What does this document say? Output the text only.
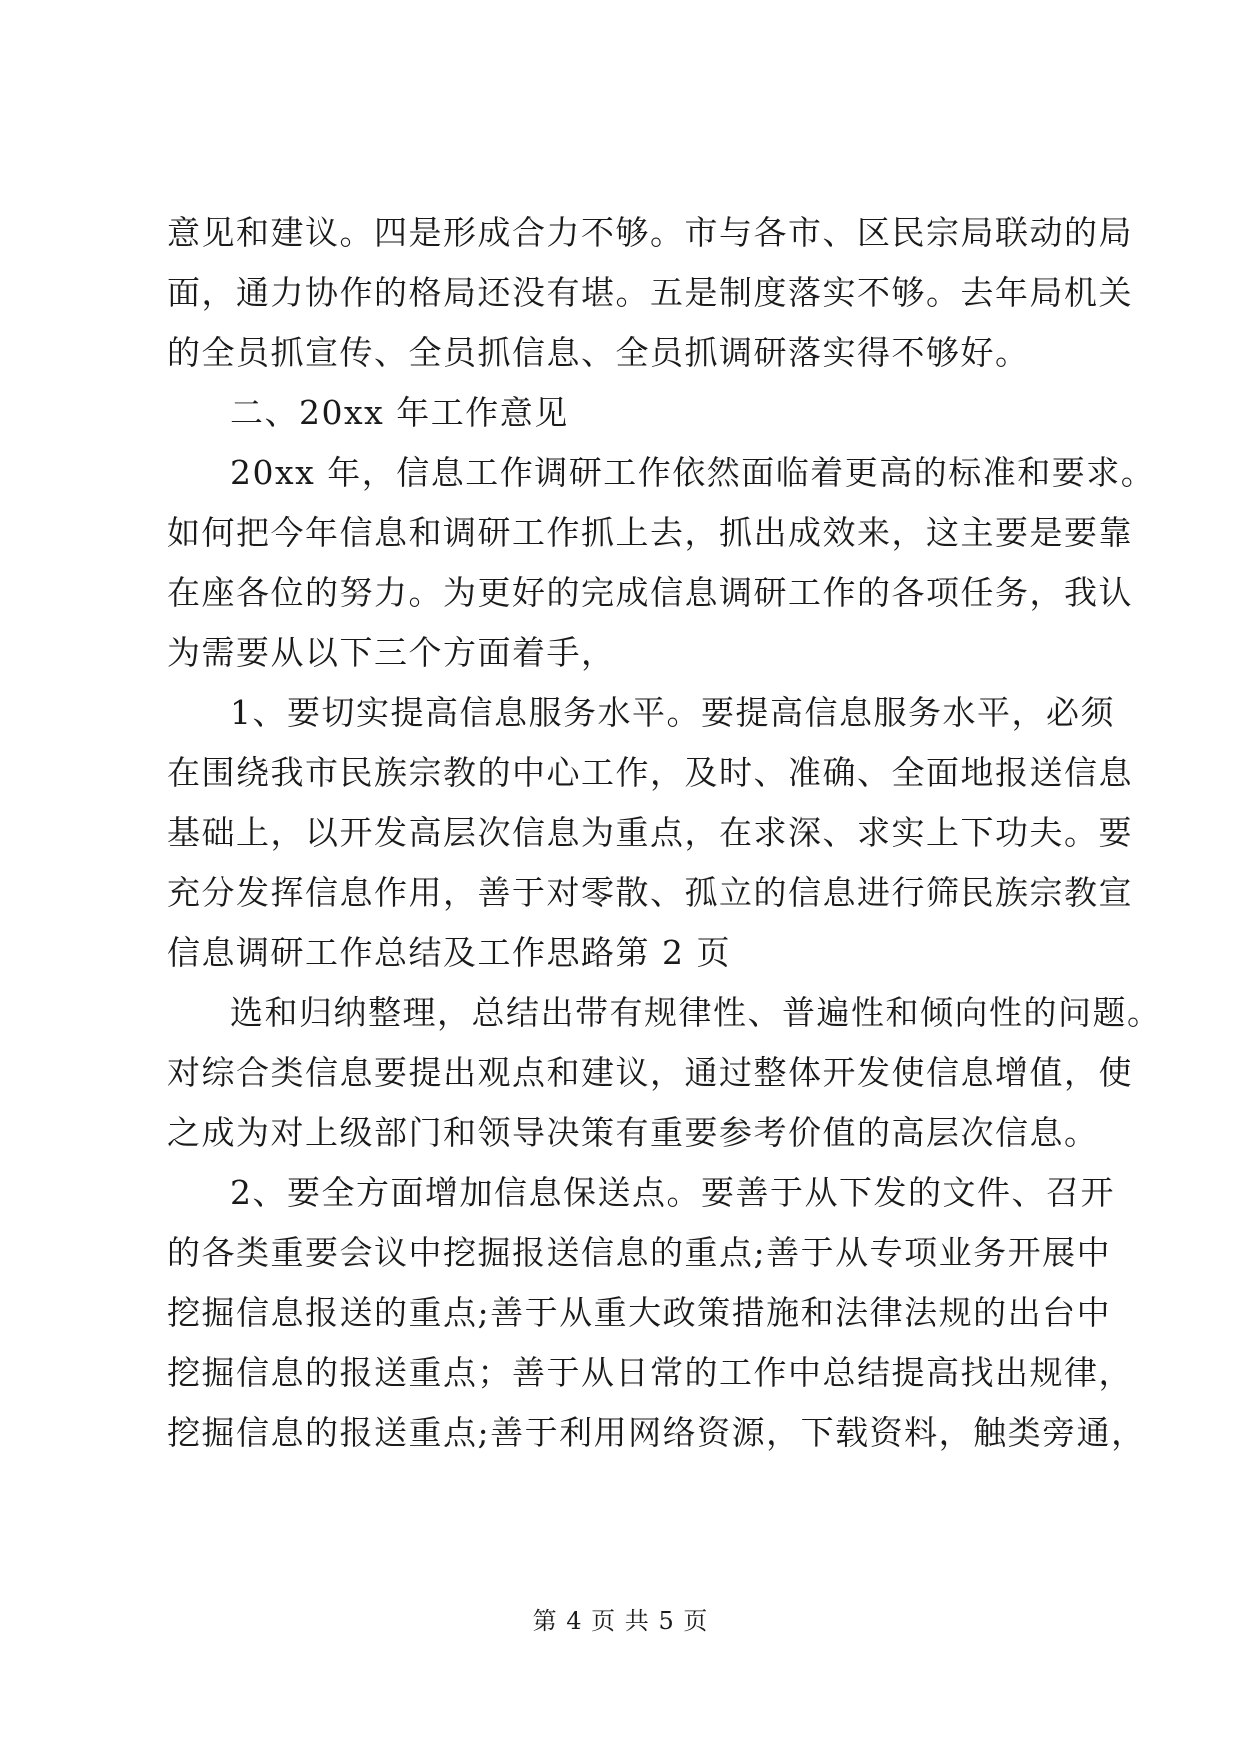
意见和建议。四是形成合力不够。市与各市、区民宗局联动的局
面，通力协作的格局还没有堪。五是制度落实不够。去年局机关
的全员抓宣传、全员抓信息、全员抓调研落实得不够好。
二、20xx 年工作意见
20xx 年，信息工作调研工作依然面临着更高的标准和要求。
如何把今年信息和调研工作抓上去，抓出成效来，这主要是要靠
在座各位的努力。为更好的完成信息调研工作的各项任务，我认
为需要从以下三个方面着手，
1、要切实提高信息服务水平。要提高信息服务水平，必须
在围绕我市民族宗教的中心工作，及时、准确、全面地报送信息
基础上，以开发高层次信息为重点，在求深、求实上下功夫。要
充分发挥信息作用，善于对零散、孤立的信息进行筛民族宗教宣
信息调研工作总结及工作思路第 2 页
选和归纳整理，总结出带有规律性、普遍性和倾向性的问题。
对综合类信息要提出观点和建议，通过整体开发使信息增值，使
之成为对上级部门和领导决策有重要参考价值的高层次信息。
2、要全方面增加信息保送点。要善于从下发的文件、召开
的各类重要会议中挖掘报送信息的重点;善于从专项业务开展中
挖掘信息报送的重点;善于从重大政策措施和法律法规的出台中
挖掘信息的报送重点；善于从日常的工作中总结提高找出规律，
挖掘信息的报送重点;善于利用网络资源，下载资料，触类旁通，
第 4 页 共 5 页
